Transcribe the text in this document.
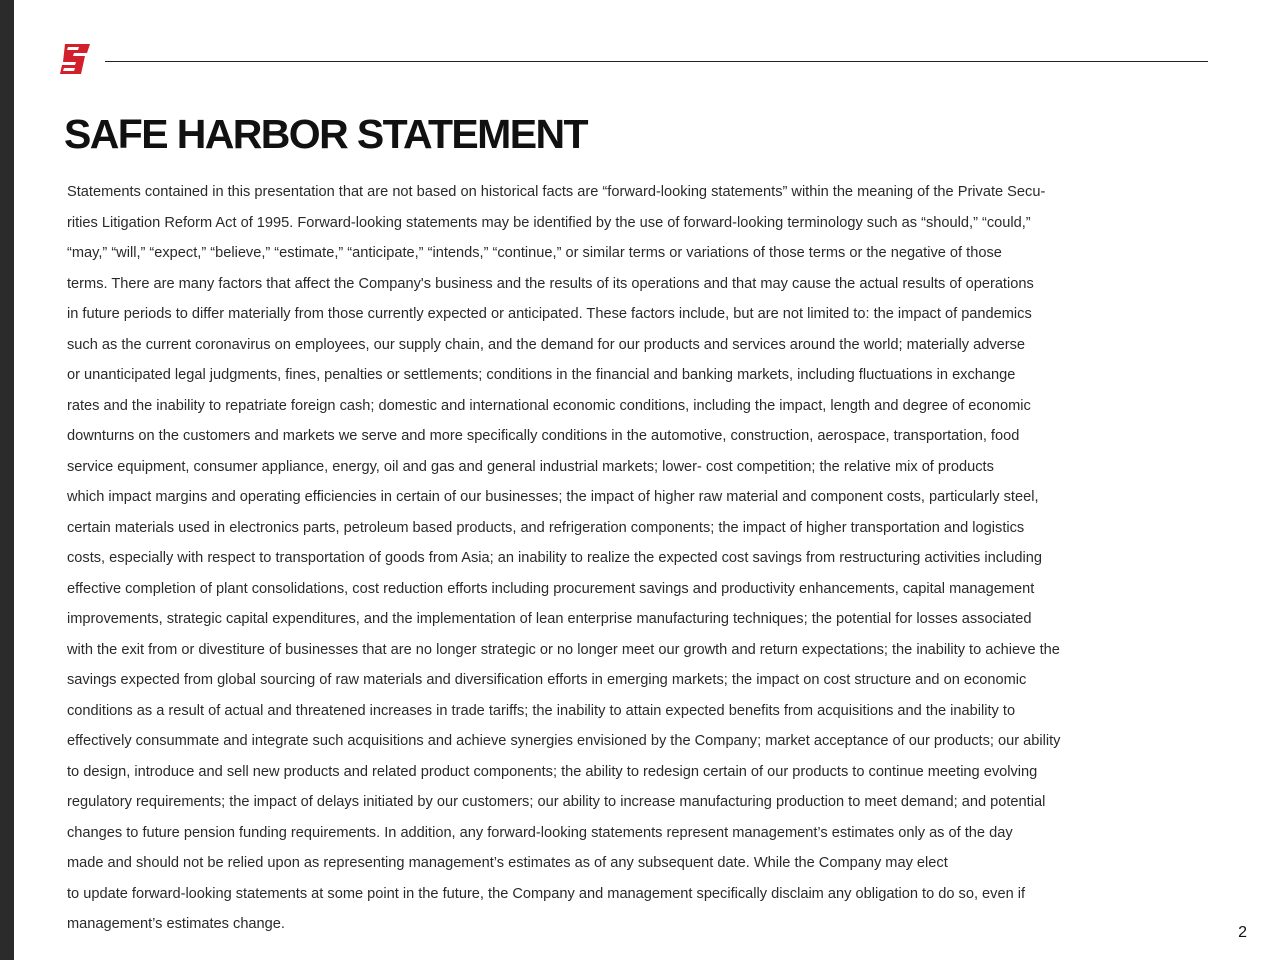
SAFE HARBOR STATEMENT
Statements contained in this presentation that are not based on historical facts are “forward-looking statements” within the meaning of the Private Secu-
rities Litigation Reform Act of 1995. Forward-looking statements may be identified by the use of forward-looking terminology such as “should,” “could,”
“may,” “will,” “expect,” “believe,” “estimate,” “anticipate,” “intends,” “continue,” or similar terms or variations of those terms or the negative of those
terms. There are many factors that affect the Company's business and the results of its operations and that may cause the actual results of operations
in future periods to differ materially from those currently expected or anticipated. These factors include, but are not limited to: the impact of pandemics
such as the current coronavirus on employees, our supply chain, and the demand for our products and services around the world; materially adverse
or unanticipated legal judgments, fines, penalties or settlements; conditions in the financial and banking markets, including fluctuations in exchange
rates and the inability to repatriate foreign cash; domestic and international economic conditions, including the impact, length and degree of economic
downturns on the customers and markets we serve and more specifically conditions in the automotive, construction, aerospace, transportation, food
service equipment, consumer appliance, energy, oil and gas and general industrial markets; lower- cost competition; the relative mix of products
which impact margins and operating efficiencies in certain of our businesses; the impact of higher raw material and component costs, particularly steel,
certain materials used in electronics parts, petroleum based products, and refrigeration components; the impact of higher transportation and logistics
costs, especially with respect to transportation of goods from Asia; an inability to realize the expected cost savings from restructuring activities including
effective completion of plant consolidations, cost reduction efforts including procurement savings and productivity enhancements, capital management
improvements, strategic capital expenditures, and the implementation of lean enterprise manufacturing techniques; the potential for losses associated
with the exit from or divestiture of businesses that are no longer strategic or no longer meet our growth and return expectations; the inability to achieve the
savings expected from global sourcing of raw materials and diversification efforts in emerging markets; the impact on cost structure and on economic
conditions as a result of actual and threatened increases in trade tariffs; the inability to attain expected benefits from acquisitions and the inability to
effectively consummate and integrate such acquisitions and achieve synergies envisioned by the Company; market acceptance of our products; our ability
to design, introduce and sell new products and related product components; the ability to redesign certain of our products to continue meeting evolving
regulatory requirements; the impact of delays initiated by our customers; our ability to increase manufacturing production to meet demand; and potential
changes to future pension funding requirements. In addition, any forward-looking statements represent management’s estimates only as of the day
made and should not be relied upon as representing management’s estimates as of any subsequent date. While the Company may elect
to update forward-looking statements at some point in the future, the Company and management specifically disclaim any obligation to do so, even if
management’s estimates change.	2
